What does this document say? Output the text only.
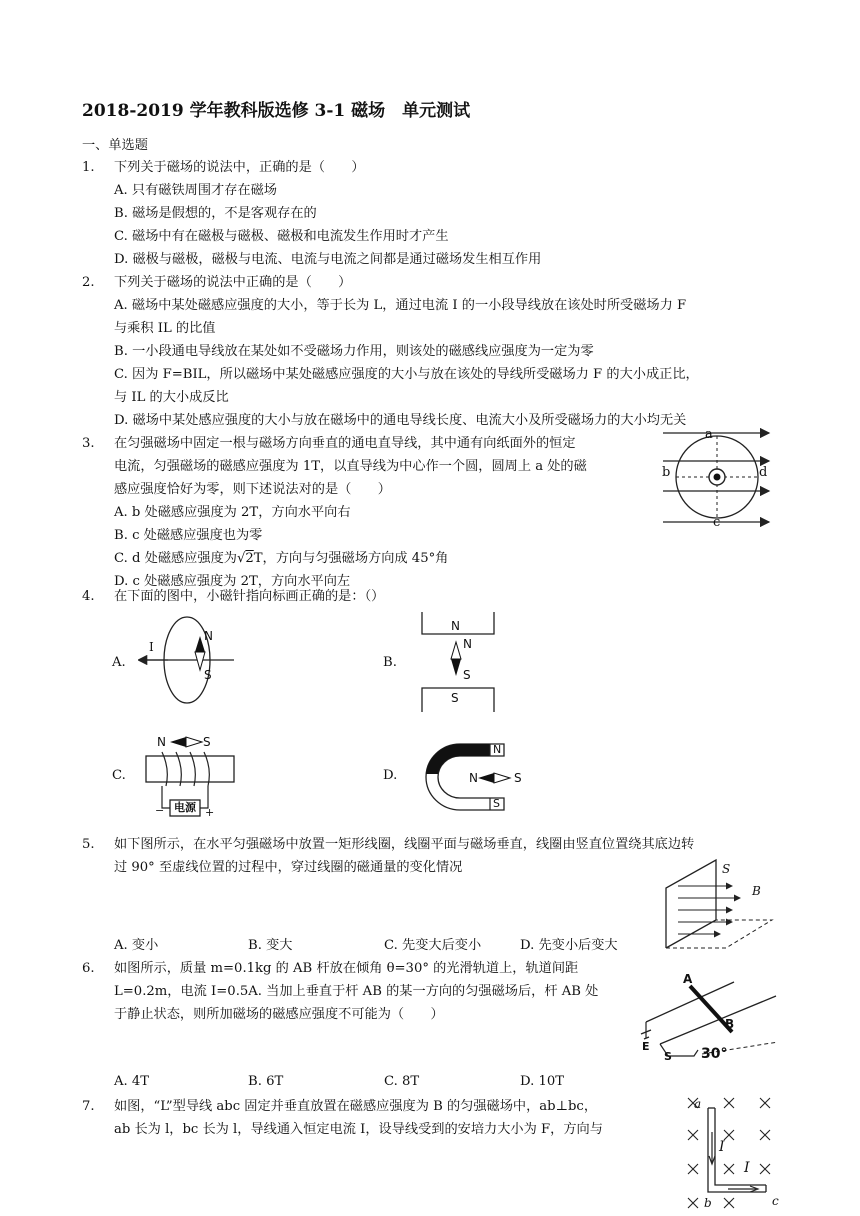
2018-2019 学年教科版选修 3-1 磁场　单元测试
一、单选题
1. 下列关于磁场的说法中，正确的是（　　）
A. 只有磁铁周围才存在磁场
B. 磁场是假想的，不是客观存在的
C. 磁场中有在磁极与磁极、磁极和电流发生作用时才产生
D. 磁极与磁极，磁极与电流、电流与电流之间都是通过磁场发生相互作用
2. 下列关于磁场的说法中正确的是（　　）
A. 磁场中某处磁感应强度的大小，等于长为 L，通过电流 I 的一小段导线放在该处时所受磁场力 F
与乘积 IL 的比值
B. 一小段通电导线放在某处如不受磁场力作用，则该处的磁感线应强度为一定为零
C. 因为 F=BIL，所以磁场中某处磁感应强度的大小与放在该处的导线所受磁场力 F 的大小成正比，
与 IL 的大小成反比
D. 磁场中某处感应强度的大小与放在磁场中的通电导线长度、电流大小及所受磁场力的大小均无关
3. 在匀强磁场中固定一根与磁场方向垂直的通电直导线，其中通有向纸面外的恒定
电流，匀强磁场的磁感应强度为 1T，以直导线为中心作一个圆，圆周上 a 处的磁
感应强度恰好为零，则下述说法对的是（　　）
A. b 处磁感应强度为 2T，方向水平向右
B. c 处磁感应强度也为零
C. d 处磁感应强度为√2T，方向与匀强磁场方向成 45°角
D. c 处磁感应强度为 2T，方向水平向左
a
b
c
d
4. 在下面的图中，小磁针指向标画正确的是：（）
A.
I
N
S
B.
N
N
S
S
C.
N	S
电源
−	+
D.
N
N	S
S
5. 如下图所示，在水平匀强磁场中放置一矩形线圈，线圈平面与磁场垂直，线圈由竖直位置绕其底边转
过 90° 至虚线位置的过程中，穿过线圈的磁通量的变化情况	S
B
A. 变小	B. 变大	C. 先变大后变小	D. 先变小后变大
6. 如图所示，质量 m=0.1kg 的 AB 杆放在倾角 θ=30° 的光滑轨道上，轨道间距
L=0.2m，电流 I=0.5A. 当加上垂直于杆 AB 的某一方向的匀强磁场后，杆 AB 处
于静止状态，则所加磁场的磁感应强度不可能为（　　）
A
B
E
S 30°
A. 4T	B. 6T	C. 8T	D. 10T
7. 如图，“L”型导线 abc 固定并垂直放置在磁感应强度为 B 的匀强磁场中，ab⊥bc，
ab 长为 l，bc 长为 l，导线通入恒定电流 I，设导线受到的安培力大小为 F，方向与
a
b	c
I
I
